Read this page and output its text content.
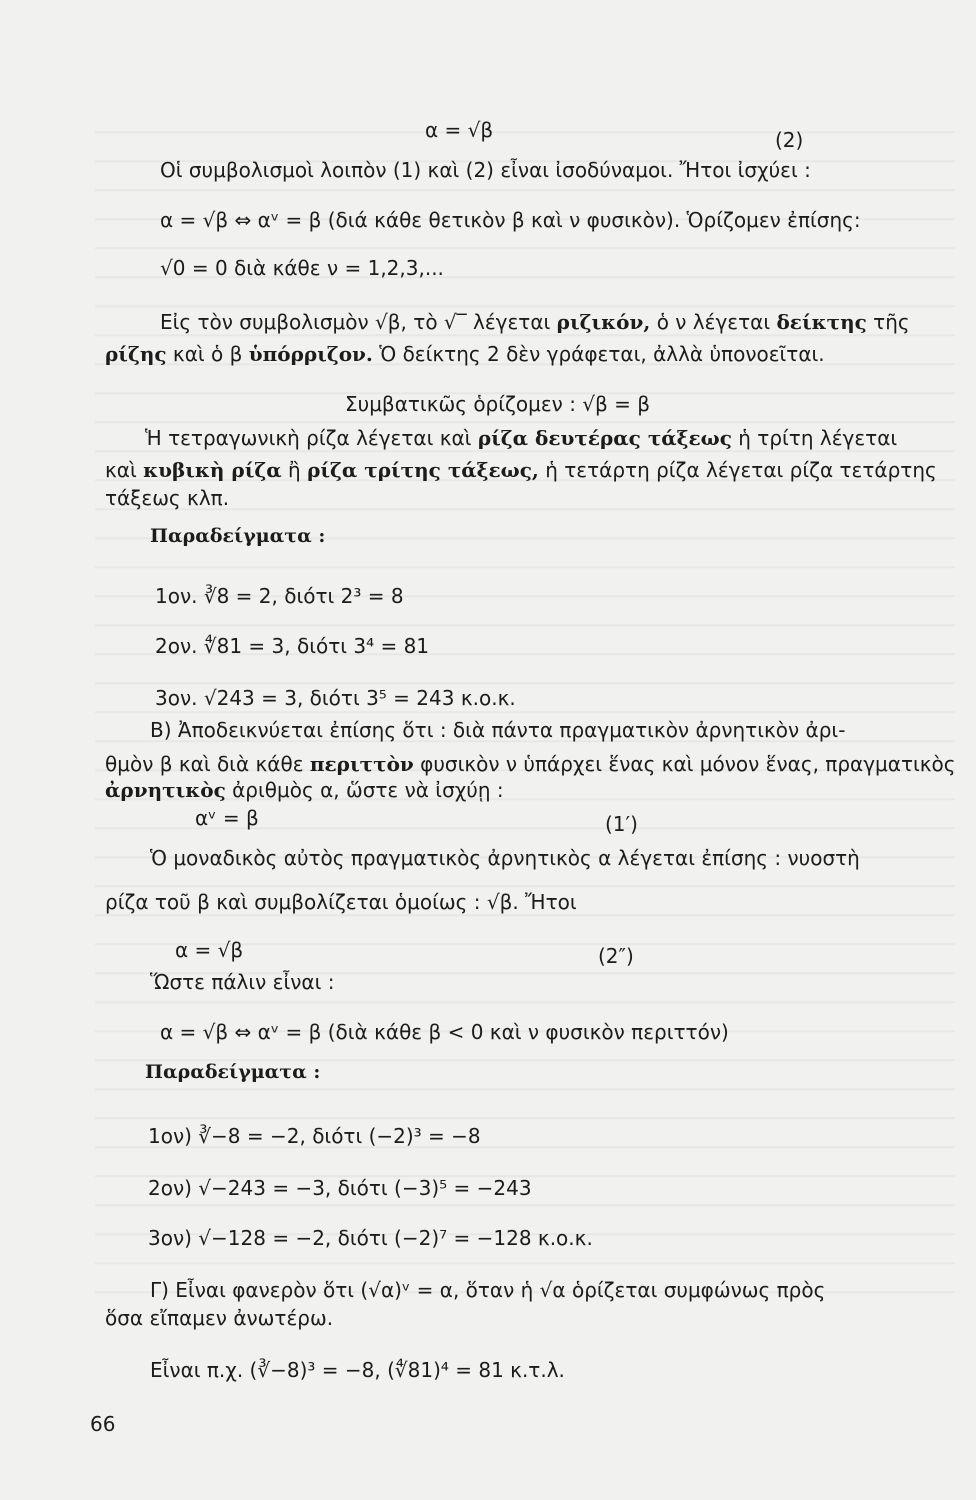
α = √β	(2)
Οἱ συμβολισμοὶ λοιπὸν (1) καὶ (2) εἶναι ἰσοδύναμοι. Ἤτοι ἰσχύει :
α = √β ⇔ αᵛ = β (διά κάθε θετικὸν β καὶ ν φυσικὸν). Ὁρίζομεν ἐπίσης:
√0 = 0 διὰ κάθε ν = 1,2,3,...
Εἰς τὸν συμβολισμὸν √β, τὸ √‾ λέγεται ριζικόν, ὁ ν λέγεται δείκτης τῆς
ρίζης καὶ ὁ β ὑπόρριζον. Ὁ δείκτης 2 δὲν γράφεται, ἀλλὰ ὑπονοεῖται.
Συμβατικῶς ὁρίζομεν : √β = β
Ἡ τετραγωνικὴ ρίζα λέγεται καὶ ρίζα δευτέρας τάξεως ἡ τρίτη λέγεται
καὶ κυβικὴ ρίζα ἢ ρίζα τρίτης τάξεως, ἡ τετάρτη ρίζα λέγεται ρίζα τετάρτης
τάξεως κλπ.
Παραδείγματα :
1ον. ∛8 = 2, διότι 2³ = 8
2ον. ∜81 = 3, διότι 3⁴ = 81
3ον. √243 = 3, διότι 3⁵ = 243 κ.ο.κ.
Β) Ἀποδεικνύεται ἐπίσης ὅτι : διὰ πάντα πραγματικὸν ἀρνητικὸν ἀρι-
θμὸν β καὶ διὰ κάθε περιττὸν φυσικὸν ν ὑπάρχει ἕνας καὶ μόνον ἕνας, πραγματικὸς
ἀρνητικὸς ἀριθμὸς α, ὥστε νὰ ἰσχύῃ :
αᵛ = β	(1′)
Ὁ μοναδικὸς αὐτὸς πραγματικὸς ἀρνητικὸς α λέγεται ἐπίσης : νυοστὴ
ρίζα τοῦ β καὶ συμβολίζεται ὁμοίως : √β. Ἤτοι
α = √β	(2″)
Ὥστε πάλιν εἶναι :
α = √β ⇔ αᵛ = β (διὰ κάθε β < 0 καὶ ν φυσικὸν περιττόν)
Παραδείγματα :
1ον) ∛−8 = −2, διότι (−2)³ = −8
2ον) √−243 = −3, διότι (−3)⁵ = −243
3ον) √−128 = −2, διότι (−2)⁷ = −128 κ.ο.κ.
Γ) Εἶναι φανερὸν ὅτι (√α)ᵛ = α, ὅταν ἡ √α ὁρίζεται συμφώνως πρὸς
ὅσα εἴπαμεν ἀνωτέρω.
Εἶναι π.χ. (∛−8)³ = −8, (∜81)⁴ = 81 κ.τ.λ.
66
